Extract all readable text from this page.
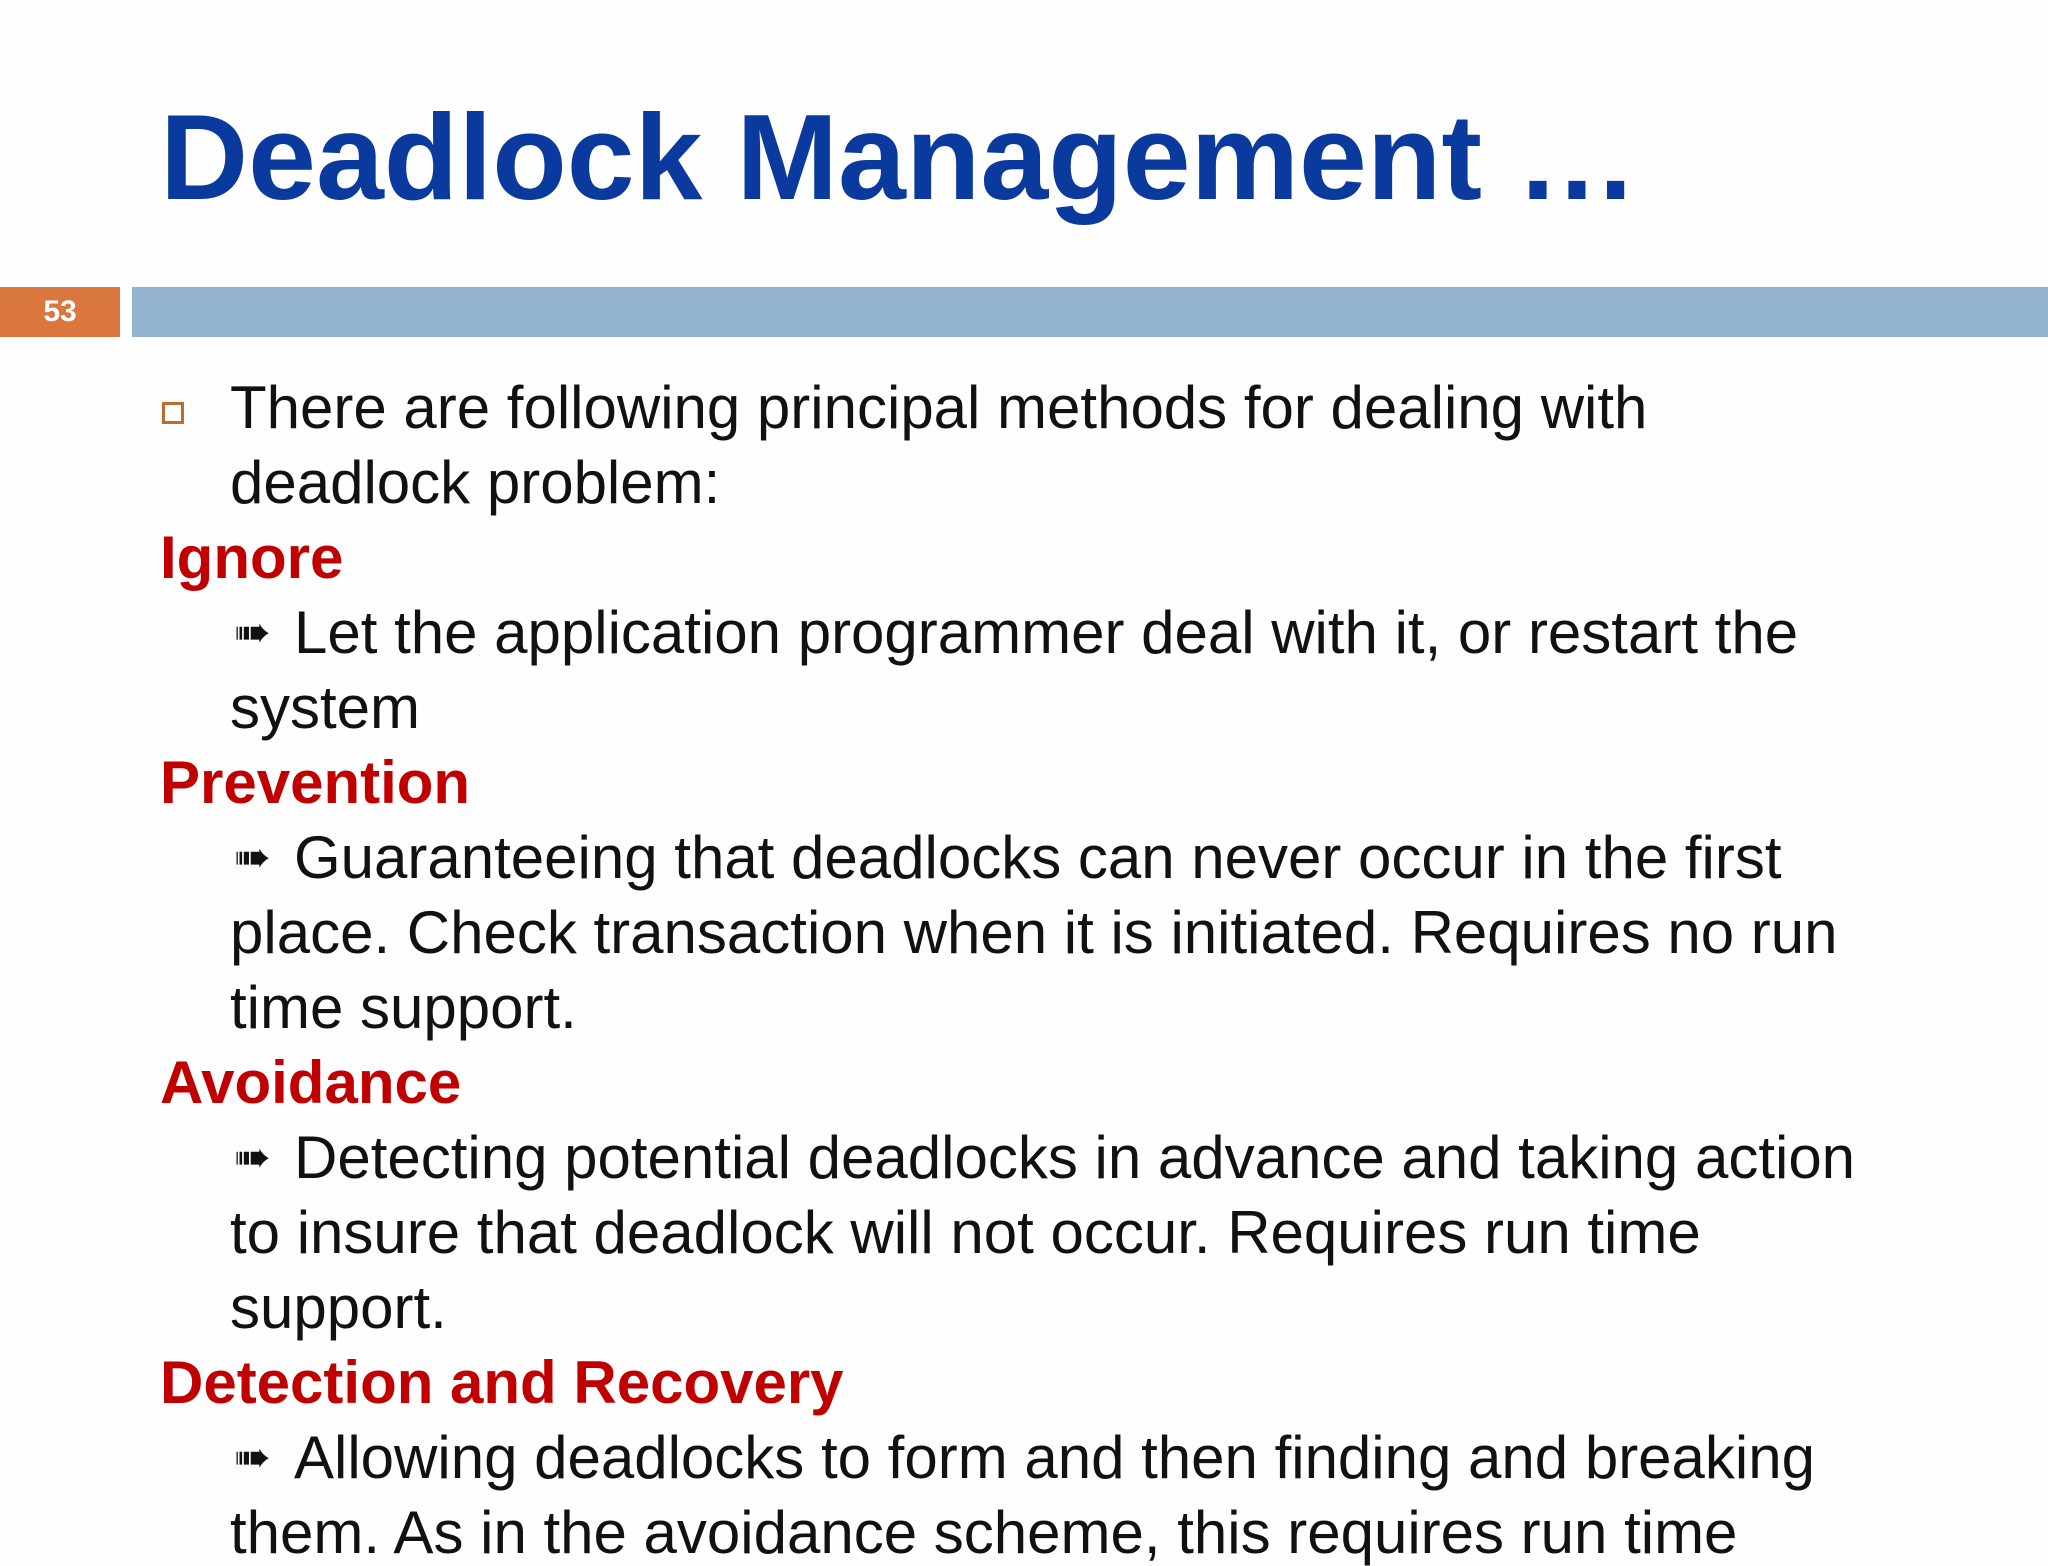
Deadlock Management …
53

There are following principal methods for dealing with

deadlock problem:

Ignore

➠ Let the application programmer deal with it, or restart the

system

Prevention

➠ Guaranteeing that deadlocks can never occur in the first

place. Check transaction when it is initiated. Requires no run

time support.

Avoidance

➠ Detecting potential deadlocks in advance and taking action

to insure that deadlock will not occur. Requires run time

support.

Detection and Recovery

➠ Allowing deadlocks to form and then finding and breaking

them. As in the avoidance scheme, this requires run time
